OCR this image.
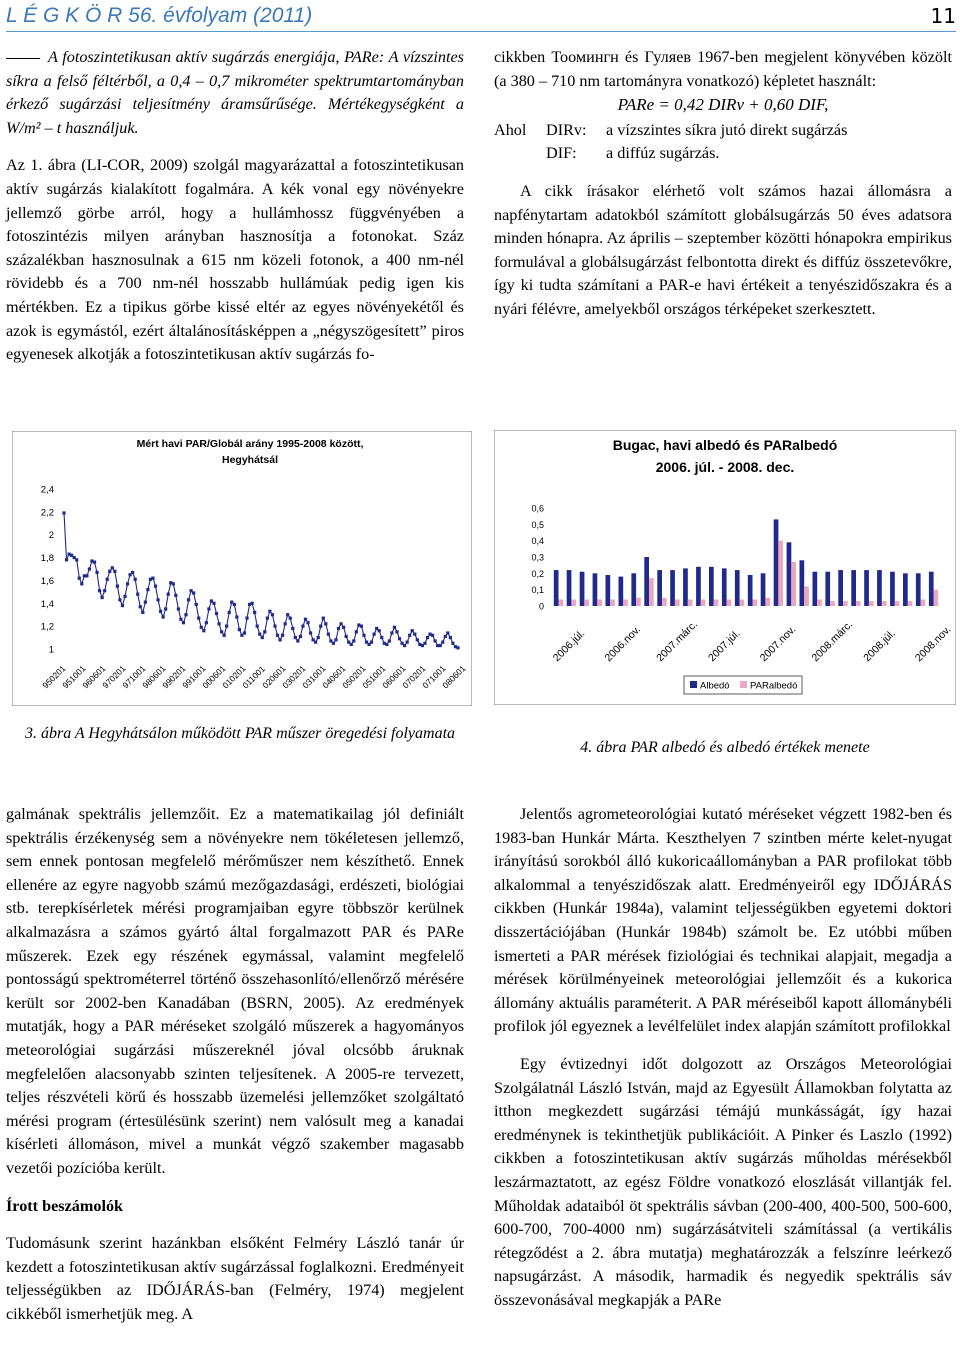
L É G K Ö R 56. évfolyam (2011)	11

A fotoszintetikusan aktív sugárzás energiája, PARe: A vízszintes síkra a felső féltérből, a 0,4 – 0,7 mikrométer spektrumtartományban érkező sugárzási teljesítmény áramsűrűsége. Mértékegységként a W/m² – t használjuk.

Az 1. ábra (LI-COR, 2009) szolgál magyarázattal a fotoszintetikusan aktív sugárzás kialakított fogalmára. A kék vonal egy növényekre jellemző görbe arról, hogy a hullámhossz függvényében a fotoszintézis milyen arányban hasznosítja a fotonokat. Száz százalékban hasznosulnak a 615 nm közeli fotonok, a 400 nm-nél rövidebb és a 700 nm-nél hosszabb hullámúak pedig igen kis mértékben. Ez a tipikus görbe kissé eltér az egyes növényekétől és azok is egymástól, ezért általánosításképpen a „négyszögesített” piros egyenesek alkotják a fotoszintetikusan aktív sugárzás fo-

cikkben Тоомингн és Гуляев 1967-ben megjelent könyvében közölt (a 380 – 710 nm tartományra vonatkozó) képletet használt:

PARe = 0,42 DIRv + 0,60 DIF,

Ahol	DIRv:	a vízszintes síkra jutó direkt sugárzás
DIF:	a diffúz sugárzás.

A cikk írásakor elérhető volt számos hazai állomásra a napfénytartam adatokból számított globálsugárzás 50 éves adatsora minden hónapra. Az április – szeptember közötti hónapokra empirikus formulával a globálsugárzást felbontotta direkt és diffúz összetevőkre, így ki tudta számítani a PAR-e havi értékeit a tenyészidőszakra és a nyári félévre, amelyekből országos térképeket szerkesztett.

Mért havi PAR/Globál arány 1995-2008 között, Hegyhátsál
2,4
2,2
2
1,8
1,6
1,4
1,2
1
950201
951001
960601
970201
971001
980601
990201
991001
000601
010201
011001
020601
030201
031001
040601
050201
051001
060601
070201
071001
080601
Bugac, havi albedó és PARalbedó
2006. júl. - 2008. dec.
0,6
0,5
0,4
0,3
0,2
0,1
0
2006.júl. 2006.nov. 2007.márc. 2007.júl. 2007.nov. 2008.márc. 2008.júl. 2008.nov.
Albedó PARalbedó
3. ábra A Hegyhátsálon működött PAR műszer öregedési folyamata
4. ábra PAR albedó és albedó értékek menete

galmának spektrális jellemzőit. Ez a matematikailag jól definiált spektrális érzékenység sem a növényekre nem tökéletesen jellemző, sem ennek pontosan megfelelő mérőműszer nem készíthető. Ennek ellenére az egyre nagyobb számú mezőgazdasági, erdészeti, biológiai stb. terepkísérletek mérési programjaiban egyre többször kerülnek alkalmazásra a számos gyártó által forgalmazott PAR és PARe műszerek. Ezek egy részének egymással, valamint megfelelő pontosságú spektrométerrel történő összehasonlító/ellenőrző mérésére került sor 2002-ben Kanadában (BSRN, 2005). Az eredmények mutatják, hogy a PAR méréseket szolgáló műszerek a hagyományos meteorológiai sugárzási műszereknél jóval olcsóbb áruknak megfelelően alacsonyabb szinten teljesítenek. A 2005-re tervezett, teljes részvételi körű és hosszabb üzemelési jellemzőket szolgáltató mérési program (értesülésünk szerint) nem valósult meg a kanadai kísérleti állomáson, mivel a munkát végző szakember magasabb vezetői pozícióba került.

Írott beszámolók

Tudomásunk szerint hazánkban elsőként Felméry László tanár úr kezdett a fotoszintetikusan aktív sugárzással foglalkozni. Eredményeit teljességükben az IDŐJÁRÁS-ban (Felméry, 1974) megjelent cikkéből ismerhetjük meg. A

Jelentős agrometeorológiai kutató méréseket végzett 1982-ben és 1983-ban Hunkár Márta. Keszthelyen 7 szintben mérte kelet-nyugat irányítású sorokból álló kukoricaállományban a PAR profilokat több alkalommal a tenyészidőszak alatt. Eredményeiről egy IDŐJÁRÁS cikkben (Hunkár 1984a), valamint teljességükben egyetemi doktori disszertációjában (Hunkár 1984b) számolt be. Ez utóbbi műben ismerteti a PAR mérések fiziológiai és technikai alapjait, megadja a mérések körülményeinek meteorológiai jellemzőit és a kukorica állomány aktuális paraméterit. A PAR méréseiből kapott állománybéli profilok jól egyeznek a levélfelület index alapján számított profilokkal

Egy évtizednyi időt dolgozott az Országos Meteorológiai Szolgálatnál László István, majd az Egyesült Államokban folytatta az itthon megkezdett sugárzási témájú munkásságát, így hazai eredménynek is tekinthetjük publikációit. A Pinker és Laszlo (1992) cikkben a fotoszintetikusan aktív sugárzás műholdas mérésekből leszármaztatott, az egész Földre vonatkozó eloszlását villantják fel. Műholdak adataiból öt spektrális sávban (200-400, 400-500, 500-600, 600-700, 700-4000 nm) sugárzásátviteli számítással (a vertikális rétegződést a 2. ábra mutatja) meghatározzák a felszínre leérkező napsugárzást. A második, harmadik és negyedik spektrális sáv összevonásával megkapják a PARe
